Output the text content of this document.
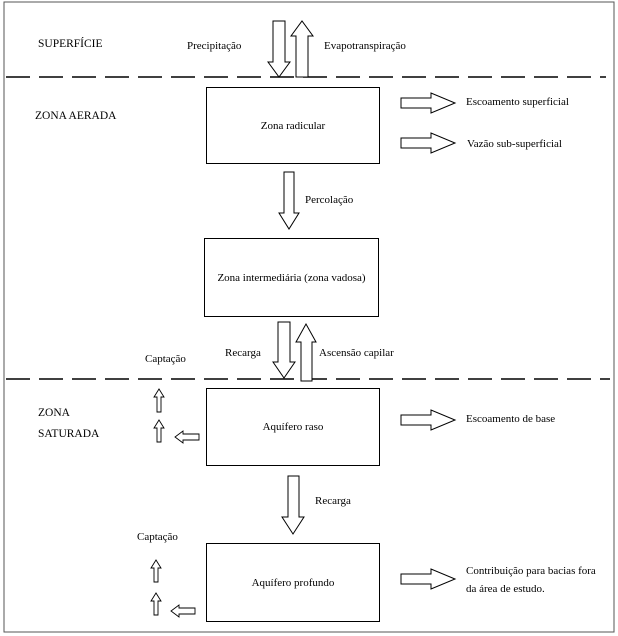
Zona radicular
Zona intermediária (zona vadosa)
Aquífero raso
Aquífero profundo
SUPERFÍCIE
ZONA AERADA
ZONA
SATURADA
Precipitação	Evapotranspiração
Escoamento superficial
Vazão sub-superficial
Percolação
Recarga	Ascensão capilar
Captação
Escoamento de base
Recarga
Captação
Contribuição para bacias fora
da área de estudo.
